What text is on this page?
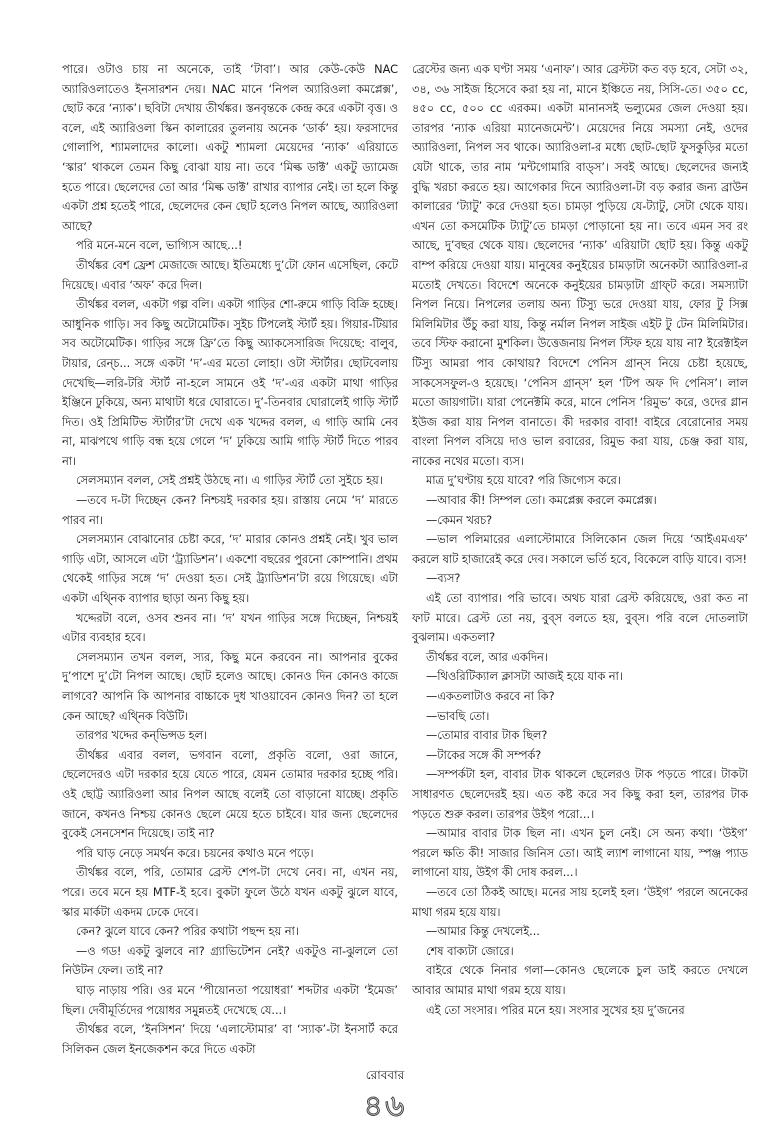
পারে। ওটাও চায় না অনেকে, তাই ‘টাবা’। আর কেউ-কেউ NAC অ্যারিওলাতেও ইনসারশন দেয়। NAC মানে ‘নিপল অ্যারিওলা কমপ্লেক্স’, ছোট করে ‘ন্যাক’। ছবিটা দেখায় তীর্থঙ্কর। স্তনবৃন্তকে কেন্দ্র করে একটা বৃত্ত। ও বলে, এই অ্যারিওলা স্কিন কালারের তুলনায় অনেক ‘ডার্ক’ হয়। ফরসাদের গোলাপি, শ্যামলাদের কালো। একটু শ্যামলা মেয়েদের ‘ন্যাক’ এরিয়াতে ‘স্কার’ থাকলে তেমন কিছু বোঝা যায় না। তবে ‘মিল্ক ডাক্ট’ একটু ড্যামেজ হতে পারে। ছেলেদের তো আর ‘মিল্ক ডাক্ট’ রাখার ব্যাপার নেই। তা হলে কিন্তু একটা প্রশ্ন হতেই পারে, ছেলেদের কেন ছোট হলেও নিপল আছে, অ্যারিওলা আছে?

পরি মনে-মনে বলে, ভাগ্যিস আছে...!

তীর্থঙ্কর বেশ ফ্রেশ মেজাজে আছে। ইতিমধ্যে দু’টো ফোন এসেছিল, কেটে দিয়েছে। এবার ‘অফ’ করে দিল।

তীর্থঙ্কর বলল, একটা গল্প বলি। একটা গাড়ির শো-রুমে গাড়ি বিক্রি হচ্ছে। আধুনিক গাড়ি। সব কিছু অটোমেটিক। সুইচ টিপলেই স্টার্ট হয়। গিয়ার-টিয়ার সব অটোমেটিক। গাড়ির সঙ্গে ফ্রি’তে কিছু অ্যাকসেসারিজ দিয়েছে: বালুব, টায়ার, রেন্চ... সঙ্গে একটা ‘দ’-এর মতো লোহা। ওটা স্টার্টার। ছোটবেলায় দেখেছি—লরি-টরি স্টার্ট না-হলে সামনে ওই ‘দ’-এর একটা মাথা গাড়ির ইঞ্জিনে ঢুকিয়ে, অন্য মাথাটা ধরে ঘোরাতে। দু’-তিনবার ঘোরালেই গাড়ি স্টার্ট দিত। ওই প্রিমিটিভ স্টার্টার’টা দেখে এক খদ্দের বলল, এ গাড়ি আমি নেব না, মাঝপথে গাড়ি বন্ধ হয়ে গেলে ‘দ’ ঢুকিয়ে আমি গাড়ি স্টার্ট দিতে পারব না।

সেলসম্যান বলল, সেই প্রশ্নই উঠছে না। এ গাড়ির স্টার্ট তো সুইচে হয়।

—তবে দ-টা দিচ্ছেন কেন? নিশ্চয়ই দরকার হয়। রাস্তায় নেমে ‘দ’ মারতে পারব না।

সেলসম্যান বোঝানোর চেষ্টা করে, ‘দ’ মারার কোনও প্রশ্নই নেই। খুব ভাল গাড়ি এটা, আসলে এটা ‘ট্র্যাডিশন’। একশো বছরের পুরনো কোম্পানি। প্রথম থেকেই গাড়ির সঙ্গে ‘দ’ দেওয়া হত। সেই ট্র্যাডিশন’টা রয়ে গিয়েছে। এটা একটা এথ্নিক ব্যাপার ছাড়া অন্য কিছু হয়।

খদ্দেরটা বলে, ওসব শুনব না। ‘দ’ যখন গাড়ির সঙ্গে দিচ্ছেন, নিশ্চয়ই এটার ব্যবহার হবে।

সেলসম্যান তখন বলল, স্যর, কিছু মনে করবেন না। আপনার বুকের দু’পাশে দু’টো নিপল আছে। ছোট হলেও আছে। কোনও দিন কোনও কাজে লাগবে? আপনি কি আপনার বাচ্চাকে দুধ খাওয়াবেন কোনও দিন? তা হলে কেন আছে? এথ্নিক বিউটি।

তারপর খদ্দের কন্‌ভিন্সড হল।

তীর্থঙ্কর এবার বলল, ভগবান বলো, প্রকৃতি বলো, ওরা জানে, ছেলেদেরও এটা দরকার হয়ে যেতে পারে, যেমন তোমার দরকার হচ্ছে পরি। ওই ছোট্ট অ্যারিওলা আর নিপল আছে বলেই তো বাড়ানো যাচ্ছে। প্রকৃতি জানে, কখনও নিশ্চয় কোনও ছেলে মেয়ে হতে চাইবে। যার জন্য ছেলেদের বুকেই সেনসেশন দিয়েছে। তাই না?

পরি ঘাড় নেড়ে সমর্থন করে। চয়নের কথাও মনে পড়ে।

তীর্থঙ্কর বলে, পরি, তোমার ব্রেস্ট শেপ-টা দেখে নেব। না, এখন নয়, পরে। তবে মনে হয় MTF-ই হবে। বুকটা ফুলে উঠে যখন একটু ঝুলে যাবে, স্কার মার্কটা একদম ঢেকে দেবে।

কেন? ঝুলে যাবে কেন? পরির কথাটা পছন্দ হয় না।

—ও গড! একটু ঝুলবে না? গ্র্যাভিটেশন নেই? একটুও না-ঝুললে তো নিউটন ফেল। তাই না?

ঘাড় নাড়ায় পরি। ওর মনে ‘পীয়োনতা পয়োধরা’ শব্দটার একটা ‘ইমেজ’ ছিল। দেবীমূর্তিদের পয়োধর সমুন্নতই দেখেছে যে...।

তীর্থঙ্কর বলে, ‘ইনসিশন’ দিয়ে ‘এলাস্টোমার’ বা ‘স্যাক’-টা ইনসার্ট করে সিলিকন জেল ইনজেকশন করে দিতে একটা

ব্রেস্টের জন্য এক ঘণ্টা সময় ‘এনাফ’। আর ব্রেস্টটা কত বড় হবে, সেটা ৩২, ৩৪, ৩৬ সাইজ হিসেবে করা হয় না, মানে ইঞ্চিতে নয়, সিসি-তে। ৩৫০ cc, ৪৫০ cc, ৫০০ cc এরকম। একটা মানানসই ভল্যুমের জেল দেওয়া হয়। তারপর ‘ন্যাক এরিয়া ম্যানেজমেন্ট’। মেয়েদের নিয়ে সমস্যা নেই, ওদের অ্যারিওলা, নিপল সব থাকে। অ্যারিওলা-র মধ্যে ছোট-ছোট ফুসকুড়ির মতো যেটা থাকে, তার নাম ‘মন্টগোমারি বাড্‌স’। সবই আছে। ছেলেদের জন্যই বুদ্ধি খরচা করতে হয়। আগেকার দিনে অ্যারিওলা-টা বড় করার জন্য ব্রাউন কালারের ‘ট্যাটু’ করে দেওয়া হত। চামড়া পুড়িয়ে যে-ট্যাটু, সেটা থেকে যায়। এখন তো কসমেটিক ট্যাটু’তে চামড়া পোড়ানো হয় না। তবে এমন সব রং আছে, দু’বছর থেকে যায়। ছেলেদের ‘ন্যাক’ এরিয়াটা ছোট হয়। কিন্তু একটু বাম্প করিয়ে দেওয়া যায়। মানুষের কনুইয়ের চামড়াটা অনেকটা অ্যারিওলা-র মতোই দেখতে। বিদেশে অনেকে কনুইয়ের চামড়াটা গ্রাফ্‌ট করে। সমস্যাটা নিপল নিয়ে। নিপলের তলায় অন্য টিস্যু ভরে দেওয়া যায়, ফোর টু সিক্স মিলিমিটার উঁচু করা যায়, কিন্তু নর্মাল নিপল সাইজ এইট টু টেন মিলিমিটার। তবে স্টিফ করানো মুশকিল। উত্তেজনায় নিপল স্টিফ হয়ে যায় না? ইরেক্টাইল টিস্যু আমরা পাব কোথায়? বিদেশে পেনিস গ্রান্‌স নিয়ে চেষ্টা হয়েছে, সাকসেসফুল-ও হয়েছে। ‘পেনিস গ্রান্‌স’ হল ‘টিপ অফ দি পেনিস’। লাল মতো জায়গাটা। যারা পেনেক্টমি করে, মানে পেনিস ‘রিমুভ’ করে, ওদের গ্লান ইউজ করা যায় নিপল বানাতে। কী দরকার বাবা! বাইরে বেরোনোর সময় বাংলা নিপল বসিয়ে দাও ভাল রবারের, রিমুভ করা যায়, চেঞ্জ করা যায়, নাকের নথের মতো। ব্যস।

মাত্র দু’ঘণ্টায় হয়ে যাবে? পরি জিগ্যেস করে।

—আবার কী! সিম্পল তো। কমপ্লেক্স করলে কমপ্লেক্স।

—কেমন খরচ?

—ভাল পলিমারের এলাস্টোমারে সিলিকোন জেল দিয়ে ‘আইএমএফ’ করলে ষাট হাজারেই করে দেব। সকালে ভর্তি হবে, বিকেলে বাড়ি যাবে। ব্যস!

—ব্যস?

এই তো ব্যাপার। পরি ভাবে। অথচ যারা ব্রেস্ট করিয়েছে, ওরা কত না ফাট মারে। ব্রেস্ট তো নয়, বুব্‌স বলতে হয়, বুব্‌স। পরি বলে দোতলাটা বুঝলাম। একতলা?

তীর্থঙ্কর বলে, আর একদিন।

—থিওরিটিক্যাল ক্লাসটা আজই হয়ে যাক না।

—একতলাটাও করবে না কি?

—ভাবছি তো।

—তোমার বাবার টাক ছিল?

—টাকের সঙ্গে কী সম্পর্ক?

—সম্পর্কটা হল, বাবার টাক থাকলে ছেলেরও টাক পড়তে পারে। টাকটা সাধারণত ছেলেদেরই হয়। এত কষ্ট করে সব কিছু করা হল, তারপর টাক পড়তে শুরু করল। তারপর উইগ পরো...।

—আমার বাবার টাক ছিল না। এখন চুল নেই। সে অন্য কথা। ‘উইগ’ পরলে ক্ষতি কী! সাজার জিনিস তো। আই ল্যাশ লাগানো যায়, স্পঞ্জ প্যাড লাগানো যায়, উইগ কী দোষ করল...।

—তবে তো ঠিকই আছে। মনের সায় হলেই হল। ‘উইগ’ পরলে অনেকের মাথা গরম হয়ে যায়।

—আমার কিন্তু দেখলেই...

শেষ বাক্যটা জোরে।

বাইরে থেকে নিনার গলা—কোনও ছেলেকে চুল ডাই করতে দেখলে আবার আমার মাথা গরম হয়ে যায়।

এই তো সংসার। পরির মনে হয়। সংসার সুখের হয় দু’জনের

রোববার
৪৬
